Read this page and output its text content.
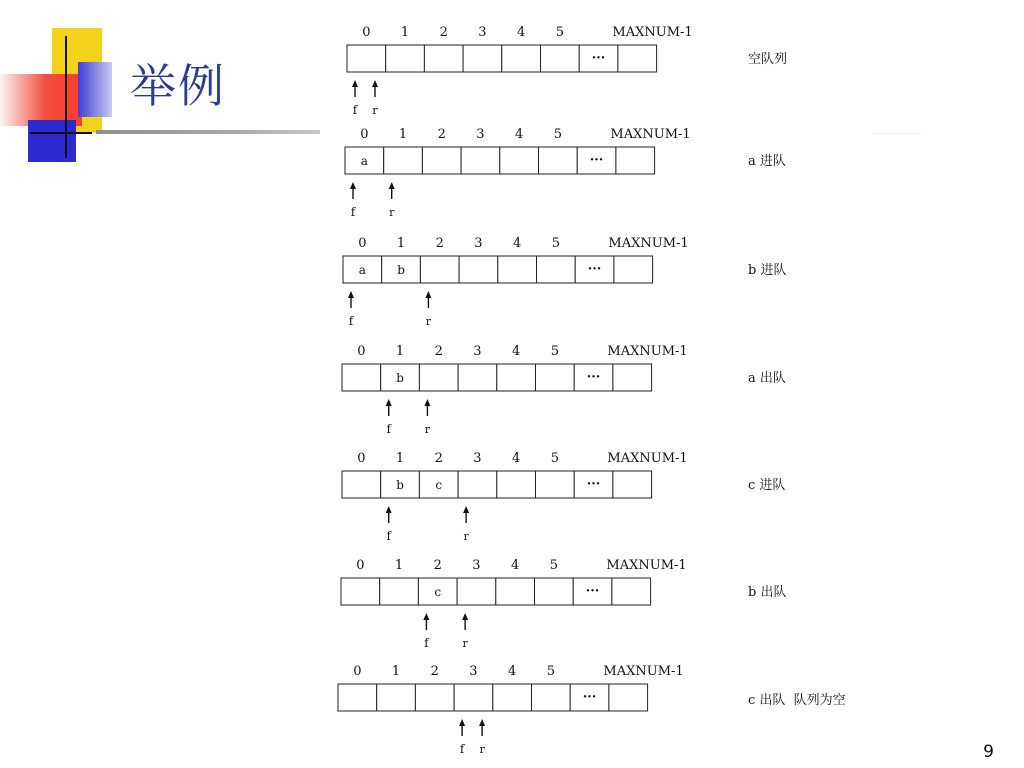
举例
0 1 2 3 4 5	MAXNUM-1
···
f r
空队列
0 1 2 3 4 5	MAXNUM-1
a	···
f	r
a 进队
0 1 2 3 4 5	MAXNUM-1
a	b	···
f	r
b 进队
0 1 2 3 4 5	MAXNUM-1
b	···
f	r
a 出队
0 1 2 3 4 5	MAXNUM-1
b	c	···
f	r
c 进队
0 1 2 3 4 5	MAXNUM-1
c	···
f	r
b 出队
0 1 2 3 4 5	MAXNUM-1
···
f r
c 出队  队列为空
9
